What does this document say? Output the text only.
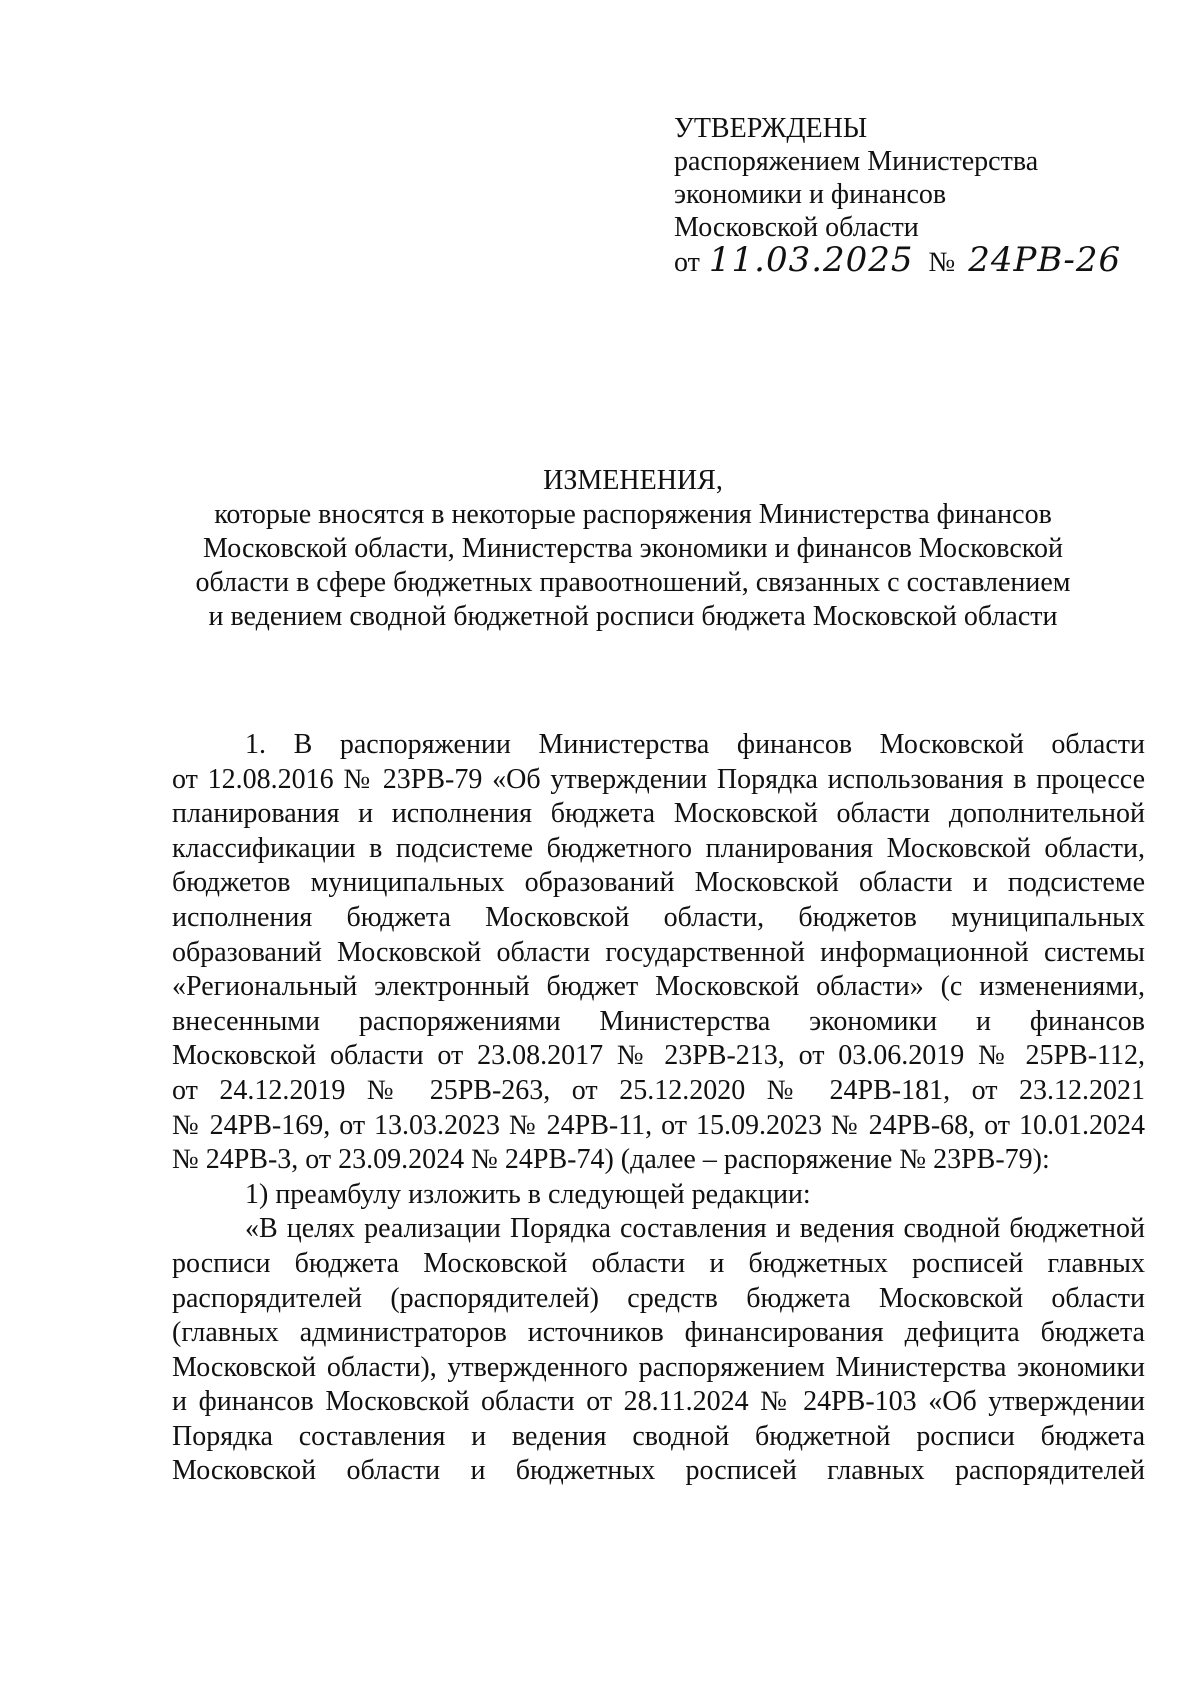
УТВЕРЖДЕНЫ
распоряжением Министерства
экономики и финансов
Московской области
от 11.03.2025 № 24РВ-26
ИЗМЕНЕНИЯ,
которые вносятся в некоторые распоряжения Министерства финансов
Московской области, Министерства экономики и финансов Московской
области в сфере бюджетных правоотношений, связанных с составлением
и ведением сводной бюджетной росписи бюджета Московской области
1. В распоряжении Министерства финансов Московской области
от 12.08.2016 № 23РВ-79 «Об утверждении Порядка использования в процессе
планирования и исполнения бюджета Московской области дополнительной
классификации в подсистеме бюджетного планирования Московской области,
бюджетов муниципальных образований Московской области и подсистеме
исполнения бюджета Московской области, бюджетов муниципальных
образований Московской области государственной информационной системы
«Региональный электронный бюджет Московской области» (с изменениями,
внесенными распоряжениями Министерства экономики и финансов
Московской области от 23.08.2017 № 23РВ-213, от 03.06.2019 № 25РВ-112,
от 24.12.2019 № 25РВ-263, от 25.12.2020 № 24РВ-181, от 23.12.2021
№ 24РВ-169, от 13.03.2023 № 24РВ-11, от 15.09.2023 № 24РВ-68, от 10.01.2024
№ 24РВ-3, от 23.09.2024 № 24РВ-74) (далее – распоряжение № 23РВ-79):
1) преамбулу изложить в следующей редакции:
«В целях реализации Порядка составления и ведения сводной бюджетной
росписи бюджета Московской области и бюджетных росписей главных
распорядителей (распорядителей) средств бюджета Московской области
(главных администраторов источников финансирования дефицита бюджета
Московской области), утвержденного распоряжением Министерства экономики
и финансов Московской области от 28.11.2024 № 24РВ-103 «Об утверждении
Порядка составления и ведения сводной бюджетной росписи бюджета
Московской области и бюджетных росписей главных распорядителей
